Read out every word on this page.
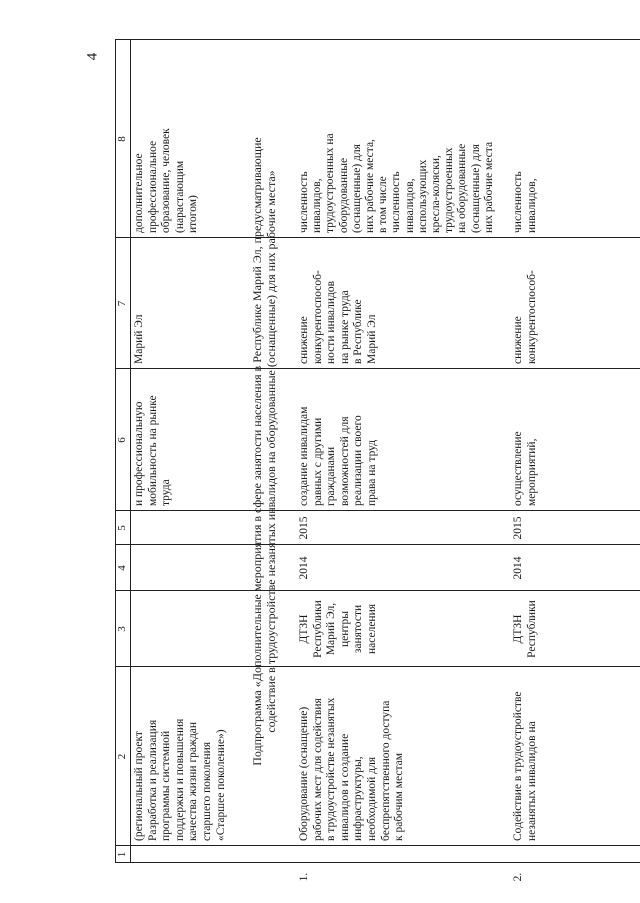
4
1
2
3
4
5
6
7
8
(региональный проект Разработка и реализация программы системной поддержки и повышения качества жизни граждан старшего поколения «Старшее поколение»)
и профессиональную мобильность на рынке труда
Марий Эл
дополнительное профессиональное образование, человек (нарастающим итогом)	Подпрограмма «Дополнительные мероприятия в сфере занятости населения в Республике Марий Эл, предусматривающие содействие в трудоустройстве незанятых инвалидов на оборудованные (оснащенные) для них рабочие места»
1.
Оборудование (оснащение) рабочих мест для содействия в трудоустройстве незанятых инвалидов и создание инфраструктуры, необходимой для беспрепятственного доступа к рабочим местам
ДТЗН Республики Марий Эл, центры занятости населения
2014
2015
создание инвалидам равных с другими гражданами возможностей для реализации своего права на труд
снижение конкурентоспособ- ности инвалидов на рынке труда в Республике Марий Эл
численность инвалидов, трудоустроенных на оборудованные (оснащенные) для них рабочие места, в том числе численность инвалидов, использующих кресла-коляски, трудоустроенных на оборудованные (оснащенные) для них рабочие места
2.
Содействие в трудоустройстве незанятых инвалидов на
ДТЗН Республики
2014
2015
осуществление мероприятий,
снижение конкурентоспособ-
численность инвалидов,
